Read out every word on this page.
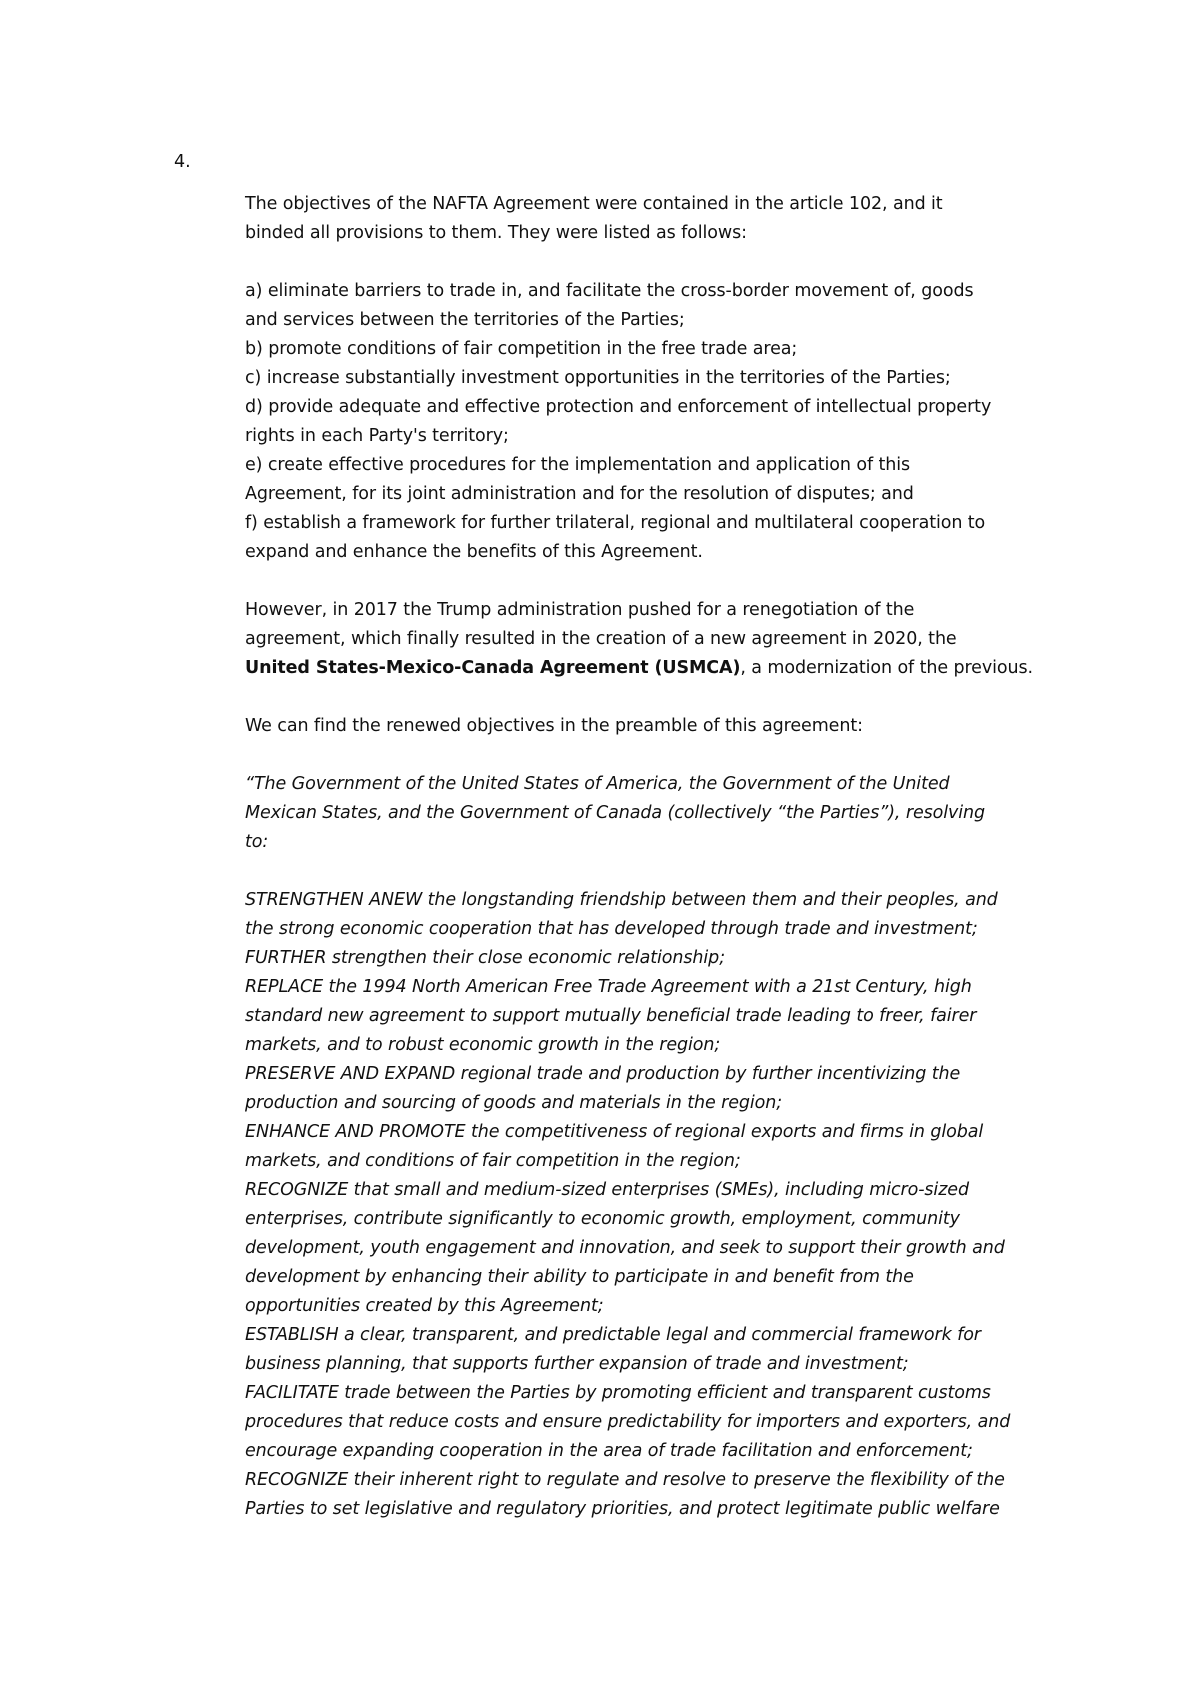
4.

The objectives of the NAFTA Agreement were contained in the article 102, and it

binded all provisions to them. They were listed as follows:

a) eliminate barriers to trade in, and facilitate the cross-border movement of, goods

and services between the territories of the Parties;

b) promote conditions of fair competition in the free trade area;

c) increase substantially investment opportunities in the territories of the Parties;

d) provide adequate and effective protection and enforcement of intellectual property

rights in each Party's territory;

e) create effective procedures for the implementation and application of this

Agreement, for its joint administration and for the resolution of disputes; and

f) establish a framework for further trilateral, regional and multilateral cooperation to

expand and enhance the benefits of this Agreement.

However, in 2017 the Trump administration pushed for a renegotiation of the

agreement, which finally resulted in the creation of a new agreement in 2020, the

United States-Mexico-Canada Agreement (USMCA), a modernization of the previous.

We can find the renewed objectives in the preamble of this agreement:

“The Government of the United States of America, the Government of the United

Mexican States, and the Government of Canada (collectively “the Parties”), resolving

to:

STRENGTHEN ANEW the longstanding friendship between them and their peoples, and

the strong economic cooperation that has developed through trade and investment;

FURTHER strengthen their close economic relationship;

REPLACE the 1994 North American Free Trade Agreement with a 21st Century, high

standard new agreement to support mutually beneficial trade leading to freer, fairer

markets, and to robust economic growth in the region;

PRESERVE AND EXPAND regional trade and production by further incentivizing the

production and sourcing of goods and materials in the region;

ENHANCE AND PROMOTE the competitiveness of regional exports and firms in global

markets, and conditions of fair competition in the region;

RECOGNIZE that small and medium-sized enterprises (SMEs), including micro-sized

enterprises, contribute significantly to economic growth, employment, community

development, youth engagement and innovation, and seek to support their growth and

development by enhancing their ability to participate in and benefit from the

opportunities created by this Agreement;

ESTABLISH a clear, transparent, and predictable legal and commercial framework for

business planning, that supports further expansion of trade and investment;

FACILITATE trade between the Parties by promoting efficient and transparent customs

procedures that reduce costs and ensure predictability for importers and exporters, and

encourage expanding cooperation in the area of trade facilitation and enforcement;

RECOGNIZE their inherent right to regulate and resolve to preserve the flexibility of the

Parties to set legislative and regulatory priorities, and protect legitimate public welfare
